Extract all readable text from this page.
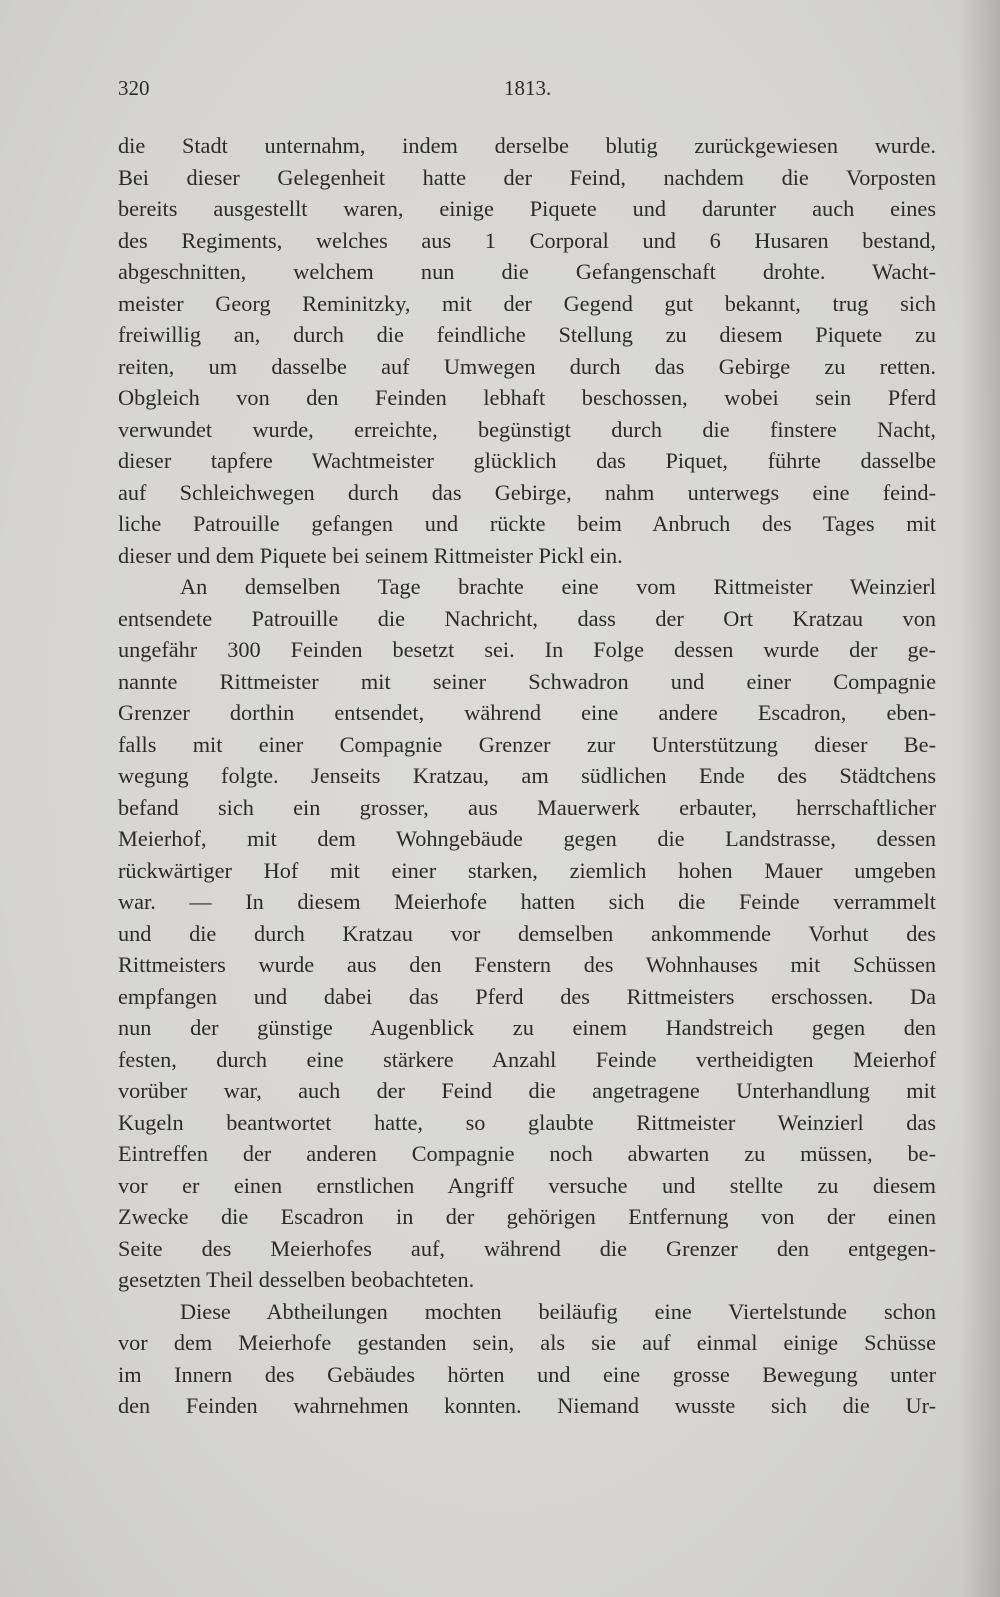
320	1813.
die Stadt unternahm, indem derselbe blutig zurückgewiesen wurde.
Bei dieser Gelegenheit hatte der Feind, nachdem die Vorposten
bereits ausgestellt waren, einige Piquete und darunter auch eines
des Regiments, welches aus 1 Corporal und 6 Husaren bestand,
abgeschnitten, welchem nun die Gefangenschaft drohte. Wacht-
meister Georg Reminitzky, mit der Gegend gut bekannt, trug sich
freiwillig an, durch die feindliche Stellung zu diesem Piquete zu
reiten, um dasselbe auf Umwegen durch das Gebirge zu retten.
Obgleich von den Feinden lebhaft beschossen, wobei sein Pferd
verwundet wurde, erreichte, begünstigt durch die finstere Nacht,
dieser tapfere Wachtmeister glücklich das Piquet, führte dasselbe
auf Schleichwegen durch das Gebirge, nahm unterwegs eine feind-
liche Patrouille gefangen und rückte beim Anbruch des Tages mit
dieser und dem Piquete bei seinem Rittmeister Pickl ein.
An demselben Tage brachte eine vom Rittmeister Weinzierl
entsendete Patrouille die Nachricht, dass der Ort Kratzau von
ungefähr 300 Feinden besetzt sei. In Folge dessen wurde der ge-
nannte Rittmeister mit seiner Schwadron und einer Compagnie
Grenzer dorthin entsendet, während eine andere Escadron, eben-
falls mit einer Compagnie Grenzer zur Unterstützung dieser Be-
wegung folgte. Jenseits Kratzau, am südlichen Ende des Städtchens
befand sich ein grosser, aus Mauerwerk erbauter, herrschaftlicher
Meierhof, mit dem Wohngebäude gegen die Landstrasse, dessen
rückwärtiger Hof mit einer starken, ziemlich hohen Mauer umgeben
war. — In diesem Meierhofe hatten sich die Feinde verrammelt
und die durch Kratzau vor demselben ankommende Vorhut des
Rittmeisters wurde aus den Fenstern des Wohnhauses mit Schüssen
empfangen und dabei das Pferd des Rittmeisters erschossen. Da
nun der günstige Augenblick zu einem Handstreich gegen den
festen, durch eine stärkere Anzahl Feinde vertheidigten Meierhof
vorüber war, auch der Feind die angetragene Unterhandlung mit
Kugeln beantwortet hatte, so glaubte Rittmeister Weinzierl das
Eintreffen der anderen Compagnie noch abwarten zu müssen, be-
vor er einen ernstlichen Angriff versuche und stellte zu diesem
Zwecke die Escadron in der gehörigen Entfernung von der einen
Seite des Meierhofes auf, während die Grenzer den entgegen-
gesetzten Theil desselben beobachteten.
Diese Abtheilungen mochten beiläufig eine Viertelstunde schon
vor dem Meierhofe gestanden sein, als sie auf einmal einige Schüsse
im Innern des Gebäudes hörten und eine grosse Bewegung unter
den Feinden wahrnehmen konnten. Niemand wusste sich die Ur-
